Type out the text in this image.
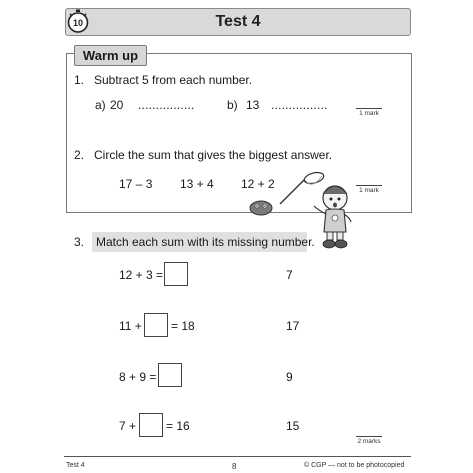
Test 4
10
Warm up
1. Subtract 5 from each number.
a) 20 ................	b) 13 ................
1 mark
2. Circle the sum that gives the biggest answer.
17 – 3 13 + 4 12 + 2	1 mark
3. Match each sum with its missing number.
12 + 3 =	7
11 + = 18	17
8 + 9 =	9
7 + = 16	15
2 marks
Test 4	8	© CGP — not to be photocopied
